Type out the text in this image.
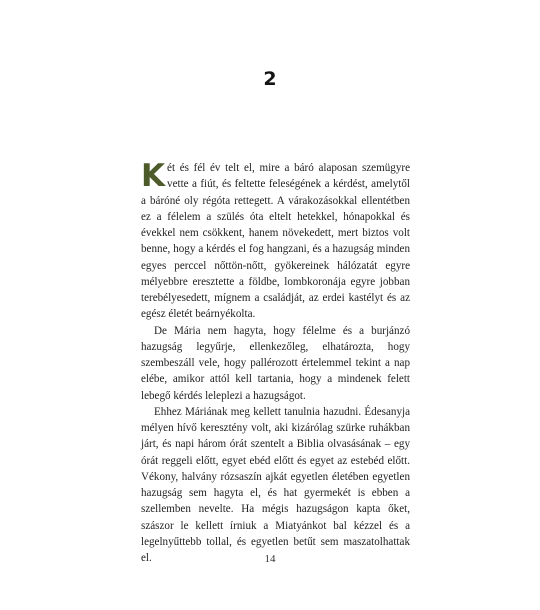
2

Két és fél év telt el, mire a báró alaposan szemügyre vette a fiút, és feltette feleségének a kérdést, amelytől a báróné oly régóta rettegett. A várakozásokkal ellentétben ez a félelem a szülés óta eltelt hetekkel, hónapokkal és évekkel nem csökkent, hanem növekedett, mert biztos volt benne, hogy a kérdés el fog hangzani, és a hazugság minden egyes perccel nőttön-nőtt, gyökereinek hálózatát egyre mélyebbre eresztette a földbe, lombkoronája egyre jobban terebélyesedett, mígnem a családját, az erdei kastélyt és az egész életét beárnyékolta.

De Mária nem hagyta, hogy félelme és a burjánzó hazugság legyűrje, ellenkezőleg, elhatározta, hogy szembeszáll vele, hogy pallérozott értelemmel tekint a nap elébe, amikor attól kell tartania, hogy a mindenek felett lebegő kérdés leleplezi a hazugságot.

Ehhez Máriának meg kellett tanulnia hazudni. Édesanyja mélyen hívő keresztény volt, aki kizárólag szürke ruhákban járt, és napi három órát szentelt a Biblia olvasásának – egy órát reggeli előtt, egyet ebéd előtt és egyet az estebéd előtt. Vékony, halvány rózsaszín ajkát egyetlen életében egyetlen hazugság sem hagyta el, és hat gyermekét is ebben a szellemben nevelte. Ha mégis hazugságon kapta őket, szászor le kellett írniuk a Miatyánkot bal kézzel és a legelnyűttebb tollal, és egyetlen betűt sem maszatolhattak el.	14
